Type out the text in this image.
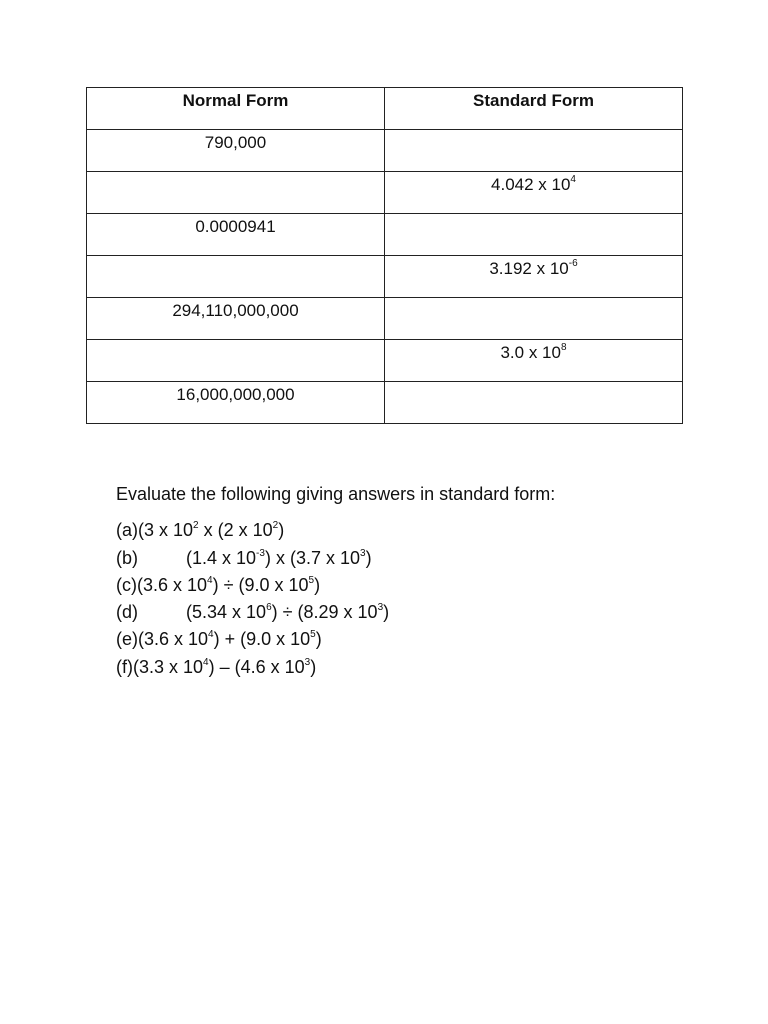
Normal Form	Standard Form
790,000	
	4.042 x $10^4$
0.0000941	
	3.192 x $10^{-6}$
294,110,000,000	
	3.0 x $10^8$
16,000,000,000	

Evaluate the following giving answers in standard form:

(a)(3 x $10^2$ x (2 x $10^2$)
(b)	(1.4 x $10^{-3}$) x (3.7 x $10^3$)
(c)(3.6 x $10^4) \div (9.0$ x $10^5$)
(d)	(5.34 x $10^6) \div (8.29$ x $10^3$)
(e)(3.6 x $10^4) + (9.0$ x $10^5$)
(f)(3.3 x $10^4) - (4.6$ x $10^3$)
